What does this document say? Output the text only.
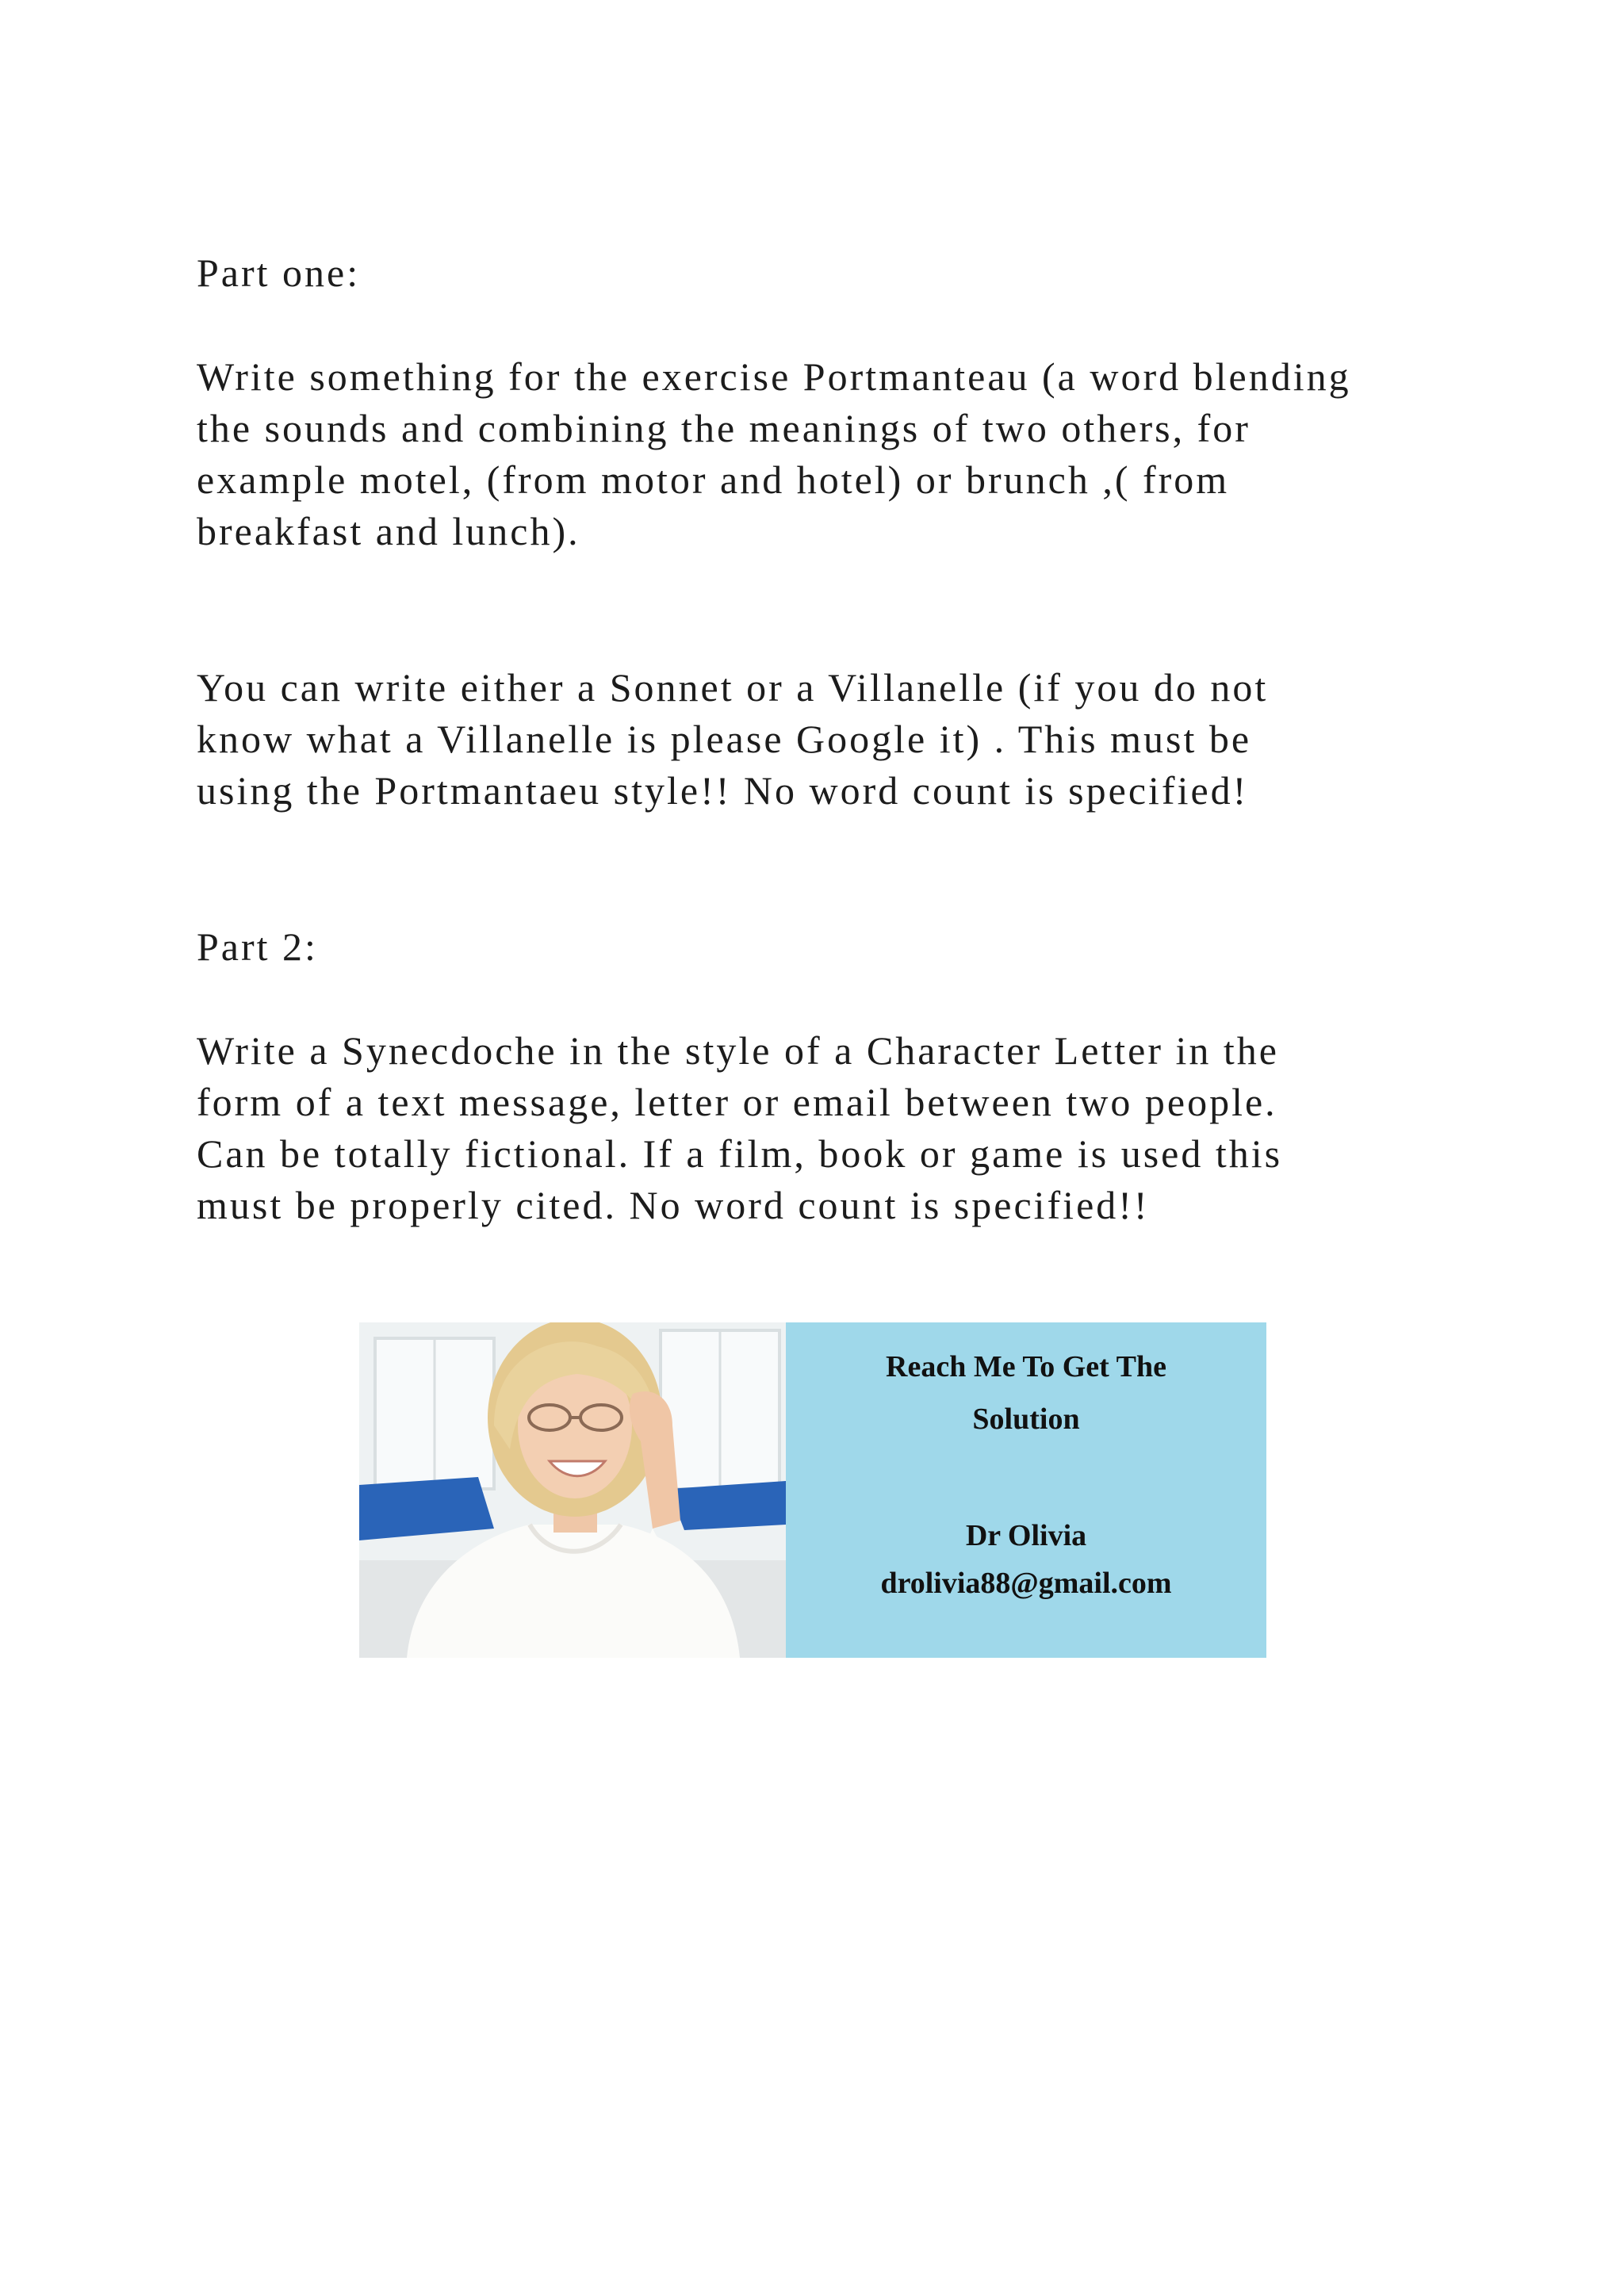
Part one:
Write something for the exercise Portmanteau (a word blending
the sounds and combining the meanings of two others, for
example motel, (from motor and hotel) or brunch ,( from
breakfast and lunch).
You can write either a Sonnet or a Villanelle (if you do not
know what a Villanelle is please Google it) . This must be
using the Portmantaeu style!! No word count is specified!
Part 2:
Write a Synecdoche in the style of a Character Letter in the
form of a text message, letter or email between two people.
Can be totally fictional. If a film, book or game is used this
must be properly cited. No word count is specified!!
Reach Me To Get The
Solution
Dr Olivia
drolivia88@gmail.com
